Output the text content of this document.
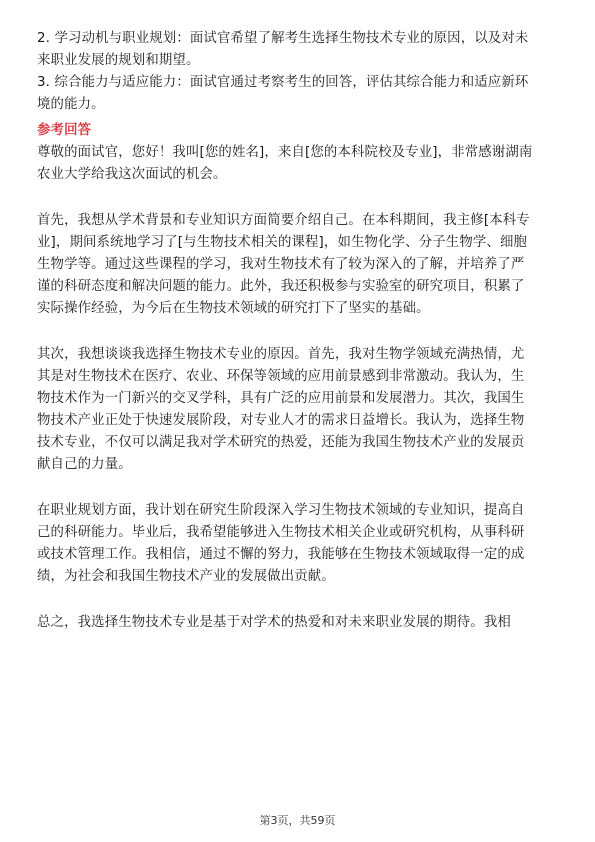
2. 学习动机与职业规划：面试官希望了解考生选择生物技术专业的原因，以及对未
来职业发展的规划和期望。
3. 综合能力与适应能力：面试官通过考察考生的回答，评估其综合能力和适应新环
境的能力。
参考回答
尊敬的面试官，您好！我叫[您的姓名]，来自[您的本科院校及专业]，非常感谢湖南
农业大学给我这次面试的机会。
首先，我想从学术背景和专业知识方面简要介绍自己。在本科期间，我主修[本科专
业]，期间系统地学习了[与生物技术相关的课程]，如生物化学、分子生物学、细胞
生物学等。通过这些课程的学习，我对生物技术有了较为深入的了解，并培养了严
谨的科研态度和解决问题的能力。此外，我还积极参与实验室的研究项目，积累了
实际操作经验，为今后在生物技术领域的研究打下了坚实的基础。
其次，我想谈谈我选择生物技术专业的原因。首先，我对生物学领域充满热情，尤
其是对生物技术在医疗、农业、环保等领域的应用前景感到非常激动。我认为，生
物技术作为一门新兴的交叉学科，具有广泛的应用前景和发展潜力。其次，我国生
物技术产业正处于快速发展阶段，对专业人才的需求日益增长。我认为，选择生物
技术专业，不仅可以满足我对学术研究的热爱，还能为我国生物技术产业的发展贡
献自己的力量。
在职业规划方面，我计划在研究生阶段深入学习生物技术领域的专业知识，提高自
己的科研能力。毕业后，我希望能够进入生物技术相关企业或研究机构，从事科研
或技术管理工作。我相信，通过不懈的努力，我能够在生物技术领域取得一定的成
绩，为社会和我国生物技术产业的发展做出贡献。
总之，我选择生物技术专业是基于对学术的热爱和对未来职业发展的期待。我相
第3页，共59页
